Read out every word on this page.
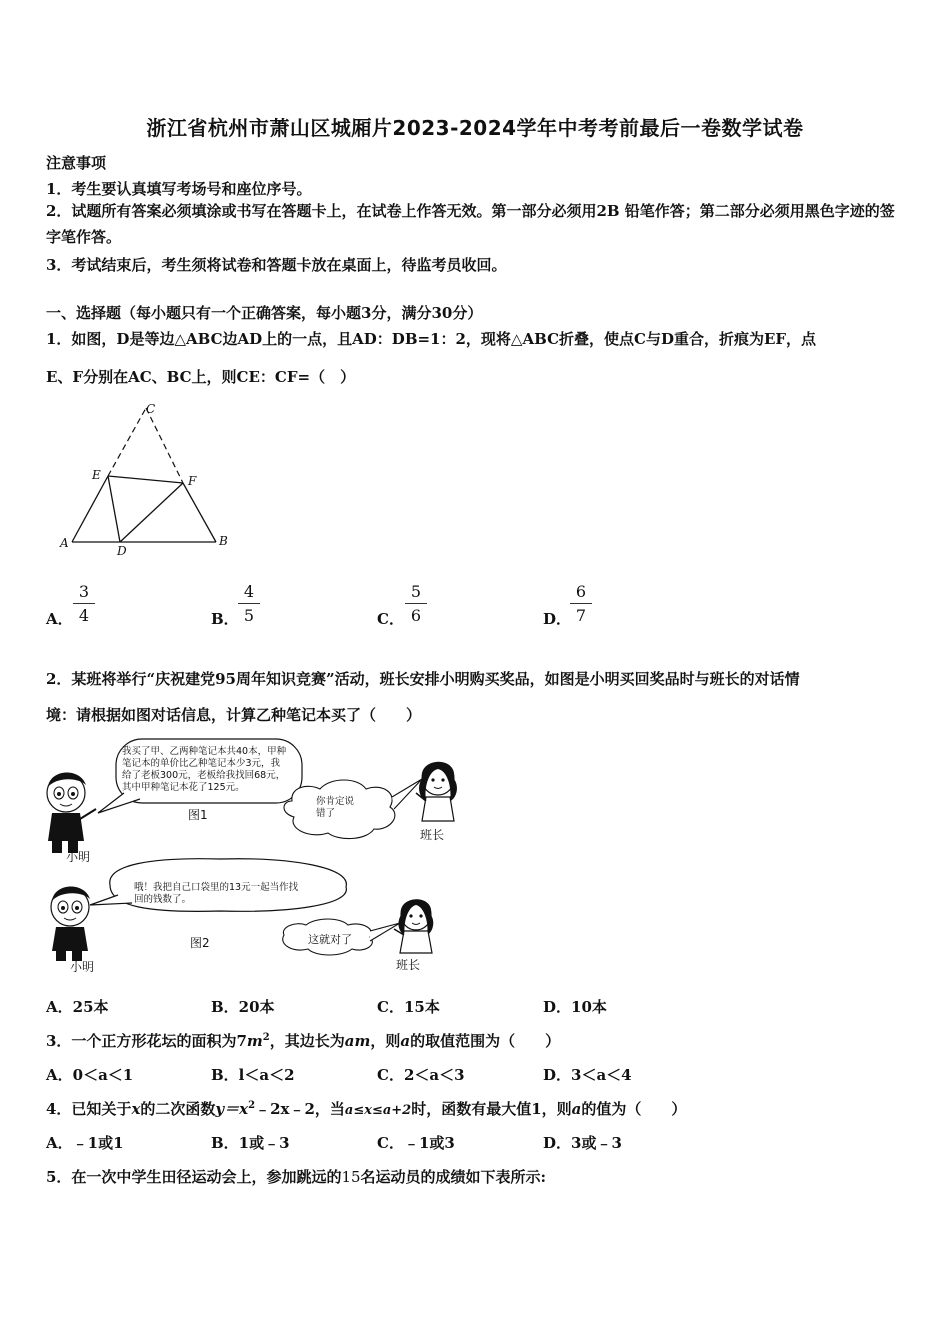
浙江省杭州市萧山区城厢片2023-2024学年中考考前最后一卷数学试卷
注意事项
1．考生要认真填写考场号和座位序号。
2．试题所有答案必须填涂或书写在答题卡上，在试卷上作答无效。第一部分必须用2B 铅笔作答；第二部分必须用黑色字迹的签字笔作答。
3．考试结束后，考生须将试卷和答题卡放在桌面上，待监考员收回。
一、选择题（每小题只有一个正确答案，每小题3分，满分30分）
1．如图，D是等边△ABC边AD上的一点，且AD：DB=1：2，现将△ABC折叠，使点C与D重合，折痕为EF，点
E、F分别在AC、BC上，则CE：CF=（　）
A	B
C
D
E	F
A． $\frac{3}{4}$	B． $\frac{4}{5}$	C． $\frac{5}{6}$	D．
$\frac{6}{7}$
2．某班将举行“庆祝建党95周年知识竞赛”活动，班长安排小明购买奖品，如图是小明买回奖品时与班长的对话情
境：请根据如图对话信息，计算乙种笔记本买了（　　）
我买了甲、乙两种笔记本共40本，甲种
笔记本的单价比乙种笔记本少3元，我
给了老板300元，老板给我找回68元，
其中甲种笔记本花了125元。
你肯定说
错了
图1
班长
小明
哦！我把自己口袋里的13元一起当作找
回的钱数了。
这就对了
图2
小明	班长
A．25本	B．20本	C．15本	D．10本
3．一个正方形花坛的面积为$7m^2$，其边长为am，则a的取值范围为（　　）
A．0＜a＜1	B．l＜a＜2	C．2＜a＜3	D．3＜a＜4
4．已知关于x的二次函数$y=x^2﹣2x﹣2$，当a≤x≤a+2时，函数有最大值1，则a的值为（　　）
A．﹣1或1	B．1或﹣3	C．﹣1或3	D．3或﹣3
5．在一次中学生田径运动会上，参加跳远的15名运动员的成绩如下表所示:
